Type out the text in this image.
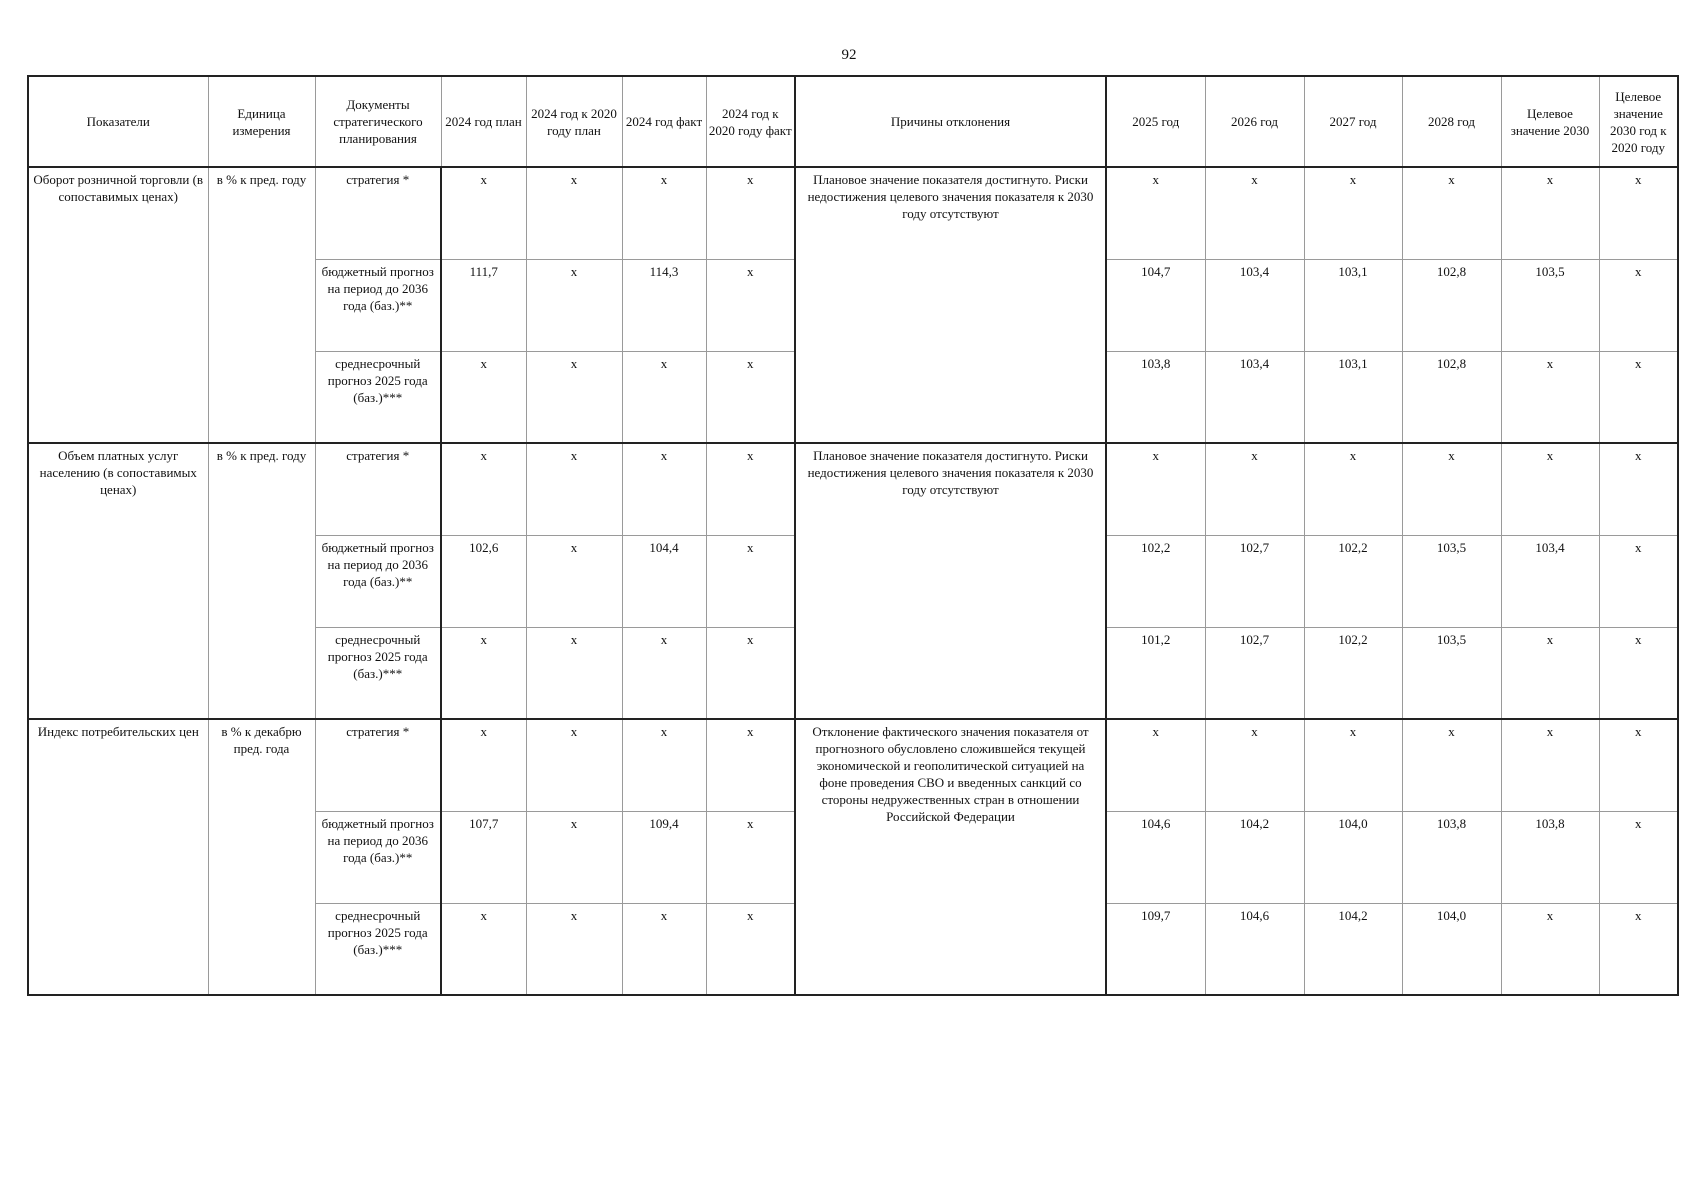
92
Показатели	Единица измерения	Документы стратегического планирования	2024 год план	2024 год к 2020 году план	2024 год факт	2024 год к 2020 году факт	Причины отклонения	2025 год	2026 год	2027 год	2028 год	Целевое значение 2030	Целевое значение 2030 год к 2020 году
Оборот розничной торговли (в сопоставимых ценах)	в % к пред. году	стратегия *	х	х	х	х	Плановое значение показателя достигнуто. Риски недостижения целевого значения показателя к 2030 году отсутствуют	х	х	х	х	х	х
		бюджетный прогноз на период до 2036 года (баз.)**	111,7	х	114,3	х		104,7	103,4	103,1	102,8	103,5	х
		среднесрочный прогноз 2025 года (баз.)***	х	х	х	х		103,8	103,4	103,1	102,8	х	х
Объем платных услуг населению (в сопоставимых ценах)	в % к пред. году	стратегия *	х	х	х	х	Плановое значение показателя достигнуто. Риски недостижения целевого значения показателя к 2030 году отсутствуют	х	х	х	х	х	х
		бюджетный прогноз на период до 2036 года (баз.)**	102,6	х	104,4	х		102,2	102,7	102,2	103,5	103,4	х
		среднесрочный прогноз 2025 года (баз.)***	х	х	х	х		101,2	102,7	102,2	103,5	х	х
Индекс потребительских цен	в % к декабрю пред. года	стратегия *	х	х	х	х	Отклонение фактического значения показателя от прогнозного обусловлено сложившейся текущей экономической и геополитической ситуацией на фоне проведения СВО и введенных санкций со стороны недружественных стран в отношении Российской Федерации	х	х	х	х	х	х
		бюджетный прогноз на период до 2036 года (баз.)**	107,7	х	109,4	х		104,6	104,2	104,0	103,8	103,8	х
		среднесрочный прогноз 2025 года (баз.)***	х	х	х	х		109,7	104,6	104,2	104,0	х	х
